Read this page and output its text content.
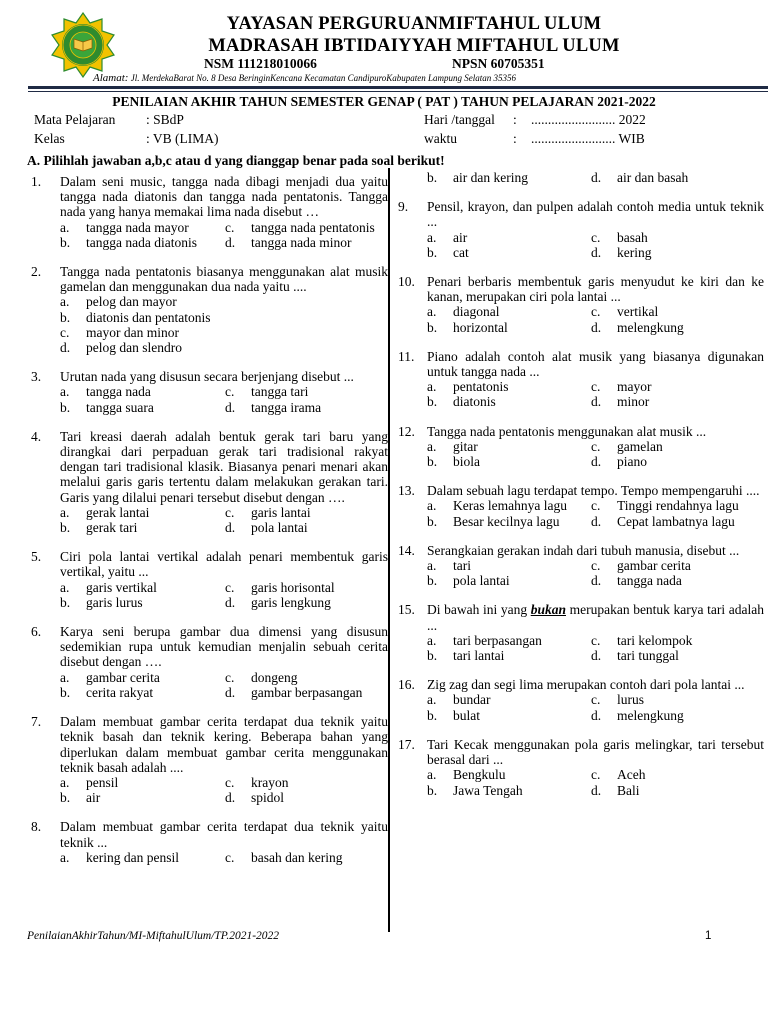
YAYASAN PERGURUANMIFTAHUL ULUM
MADRASAH IBTIDAIYYAH MIFTAHUL ULUM
NSM 111218010066	NPSN 60705351
Alamat: Jl. MerdekaBarat No. 8 Desa BeringinKencana Kecamatan CandipuroKabupaten Lampung Selatan 35356
PENILAIAN AKHIR TAHUN SEMESTER GENAP ( PAT ) TAHUN PELAJARAN 2021-2022
Mata Pelajaran : SBdP
Kelas	: VB (LIMA)
Hari /tanggal : ......................... 2022
waktu	: ......................... WIB
A. Pilihlah jawaban a,b,c atau d yang dianggap benar pada soal berikut!
1. Dalam seni music, tangga nada dibagi menjadi dua yaitu tangga nada diatonis dan tangga nada pentatonis. Tangga nada yang hanya memakai lima nada disebut …
a. tangga nada mayor	c. tangga nada pentatonis
b. tangga nada diatonis	d. tangga nada minor
2. Tangga nada pentatonis biasanya menggunakan alat musik gamelan dan menggunakan dua nada yaitu ....
a. pelog dan mayor
b. diatonis dan pentatonis
c. mayor dan minor
d. pelog dan slendro
3. Urutan nada yang disusun secara berjenjang disebut ...
a. tangga nada	c. tangga tari
b. tangga suara	d. tangga irama
4. Tari kreasi daerah adalah bentuk gerak tari baru yang dirangkai dari perpaduan gerak tari tradisional rakyat dengan tari tradisional klasik. Biasanya penari menari akan melalui garis garis tertentu dalam melakukan gerakan tari. Garis yang dilalui penari tersebut disebut dengan ….
a. gerak lantai	c. garis lantai
b. gerak tari	d. pola lantai
5. Ciri pola lantai vertikal adalah penari membentuk garis vertikal, yaitu ...
a. garis vertikal	c. garis horisontal
b. garis lurus	d. garis lengkung
6. Karya seni berupa gambar dua dimensi yang disusun sedemikian rupa untuk kemudian menjalin sebuah cerita disebut dengan ….
a. gambar cerita	c. dongeng
b. cerita rakyat	d. gambar berpasangan
7. Dalam membuat gambar cerita terdapat dua teknik yaitu teknik basah dan teknik kering. Beberapa bahan yang diperlukan dalam membuat gambar cerita menggunakan teknik basah adalah ....
a. pensil	c. krayon
b. air	d. spidol
8. Dalam membuat gambar cerita terdapat dua teknik yaitu teknik ...
a. kering dan pensil	c. basah dan kering
b. air dan kering	d. air dan basah
9. Pensil, krayon, dan pulpen adalah contoh media untuk teknik ...
a. air	c. basah
b. cat	d. kering
10. Penari berbaris membentuk garis menyudut ke kiri dan ke kanan, merupakan ciri pola lantai ...
a. diagonal	c. vertikal
b. horizontal	d. melengkung
11. Piano adalah contoh alat musik yang biasanya digunakan untuk tangga nada ...
a. pentatonis	c. mayor
b. diatonis	d. minor
12. Tangga nada pentatonis menggunakan alat musik ...
a. gitar	c. gamelan
b. biola	d. piano
13. Dalam sebuah lagu terdapat tempo. Tempo mempengaruhi ....
a. Keras lemahnya lagu	c. Tinggi rendahnya lagu
b. Besar kecilnya lagu	d. Cepat lambatnya lagu
14. Serangkaian gerakan indah dari tubuh manusia, disebut ...
a. tari	c. gambar cerita
b. pola lantai	d. tangga nada
15. Di bawah ini yang bukan merupakan bentuk karya tari adalah ...
a. tari berpasangan	c. tari kelompok
b. tari lantai	d. tari tunggal
16. Zig zag dan segi lima merupakan contoh dari pola lantai ...
a. bundar	c. lurus
b. bulat	d. melengkung
17. Tari Kecak menggunakan pola garis melingkar, tari tersebut berasal dari ...
a. Bengkulu	c. Aceh
b. Jawa Tengah	d. Bali
PenilaianAkhirTahun/MI-MiftahulUlum/TP.2021-2022	1
